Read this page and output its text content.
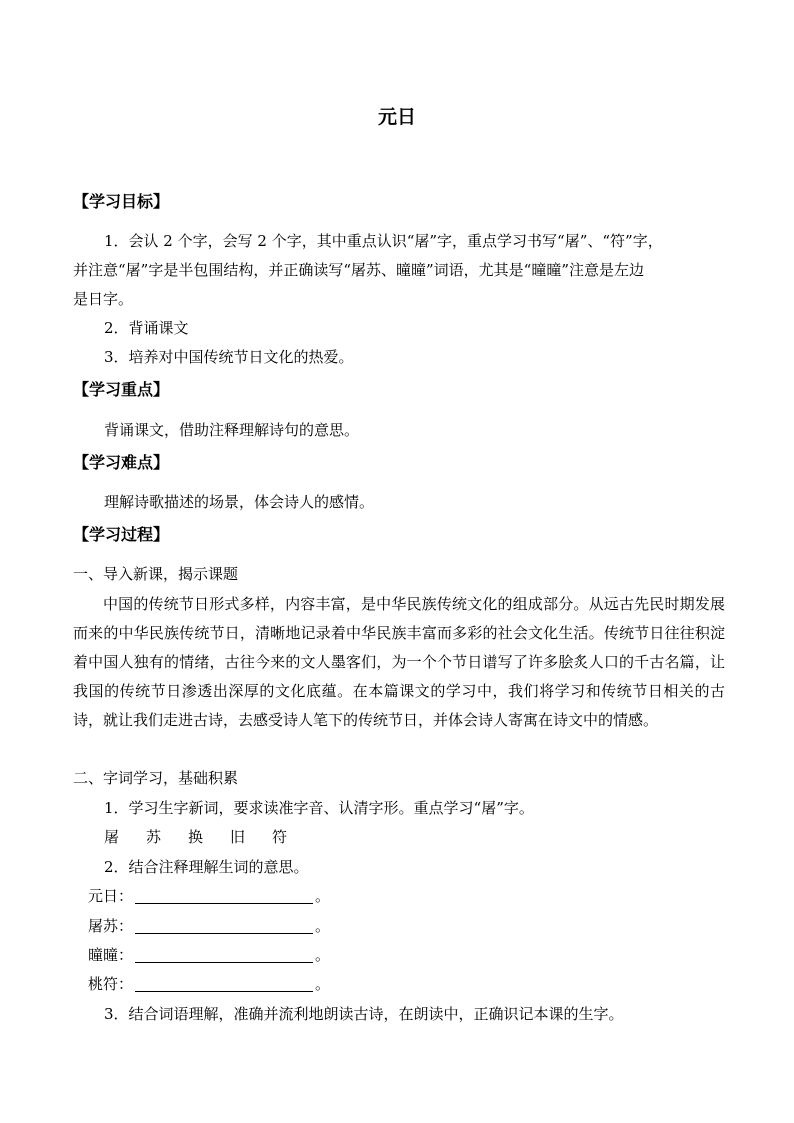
元日
【学习目标】
1．会认 2 个字，会写 2 个字，其中重点认识“屠”字，重点学习书写“屠”、“符”字，
并注意“屠”字是半包围结构，并正确读写“屠苏、曈曈”词语，尤其是“曈曈”注意是左边
是日字。
2．背诵课文
3．培养对中国传统节日文化的热爱。
【学习重点】
背诵课文，借助注释理解诗句的意思。
【学习难点】
理解诗歌描述的场景，体会诗人的感情。
【学习过程】
一、导入新课，揭示课题
中国的传统节日形式多样，内容丰富，是中华民族传统文化的组成部分。从远古先民时期发展而来的中华民族传统节日，清晰地记录着中华民族丰富而多彩的社会文化生活。传统节日往往积淀着中国人独有的情绪，古往今来的文人墨客们，为一个个节日谱写了许多脍炙人口的千古名篇，让我国的传统节日渗透出深厚的文化底蕴。在本篇课文的学习中，我们将学习和传统节日相关的古诗，就让我们走进古诗，去感受诗人笔下的传统节日，并体会诗人寄寓在诗文中的情感。
二、字词学习，基础积累
1．学习生字新词，要求读准字音、认清字形。重点学习“屠”字。
屠 苏 换 旧 符
2．结合注释理解生词的意思。
元日：	。
屠苏：	。
曈曈：	。
桃符：	。
3．结合词语理解，准确并流利地朗读古诗，在朗读中，正确识记本课的生字。
